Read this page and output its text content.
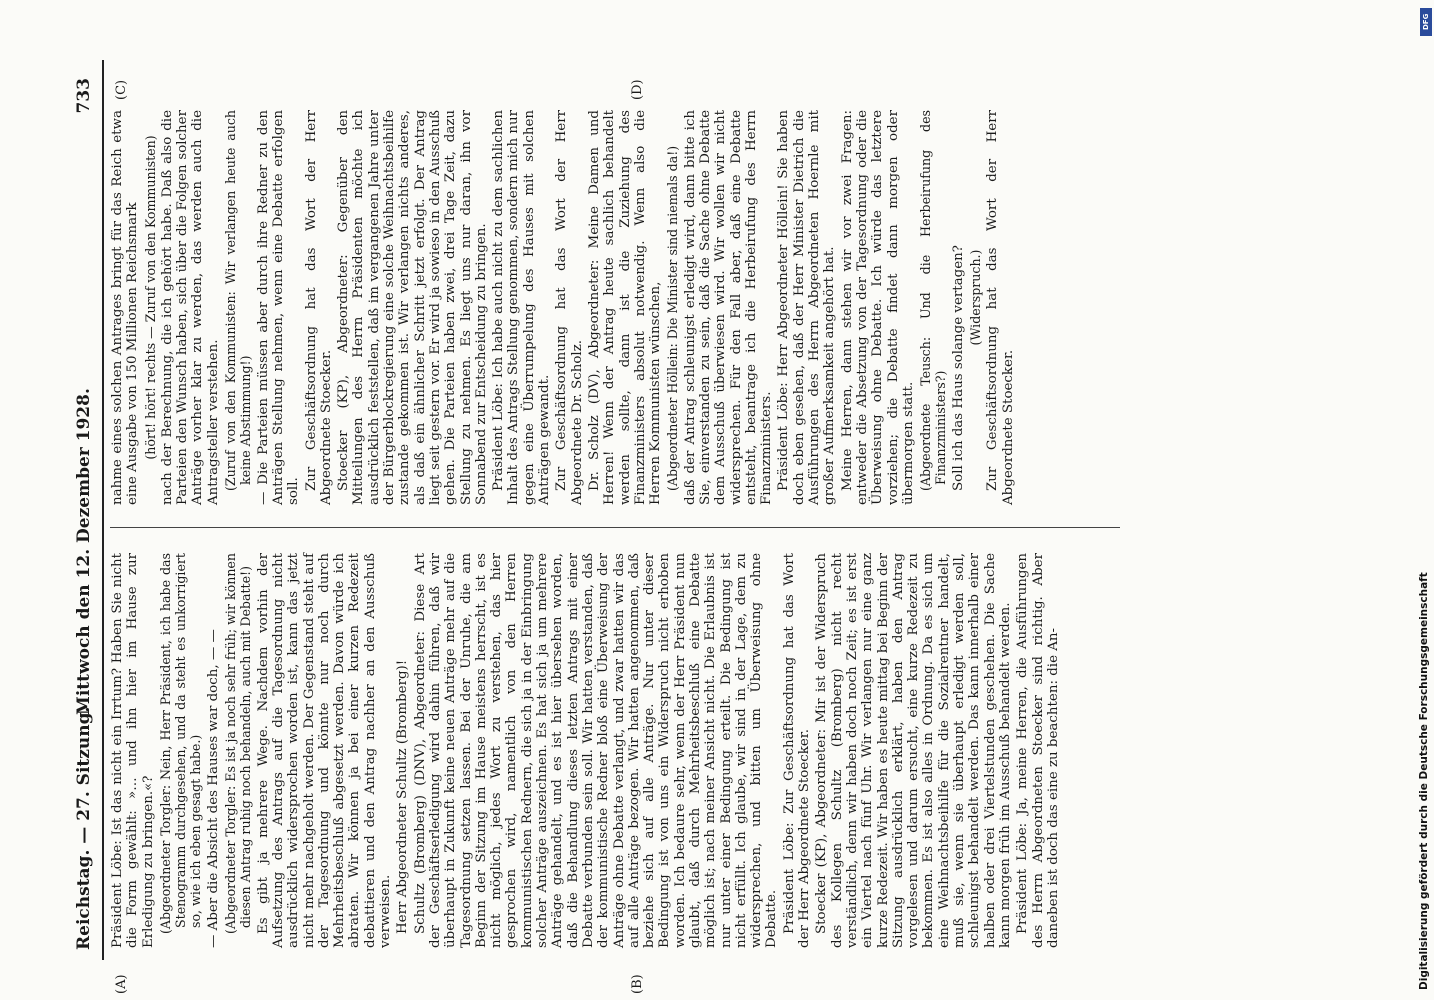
Reichstag. — 27. Sitzung.
Mittwoch den 12. Dezember 1928.
733
(A)	(B)
(C)	(D)

Präsident Löbe: Ist das nicht ein Irrtum? Haben Sie nicht die Form gewählt: »… und ihn hier im Hause zur Erledigung zu bringen.«? (Abgeordneter Torgler: Nein, Herr Präsident, ich habe das Stenogramm durchgesehen, und da steht es unkorrigiert so, wie ich eben gesagt habe.) — Aber die Absicht des Hauses war doch, — — (Abgeordneter Torgler: Es ist ja noch sehr früh; wir können diesen Antrag ruhig noch behandeln, auch mit Debatte!) Es gibt ja mehrere Wege. Nachdem vorhin der Aufsetzung des Antrags auf die Tagesordnung nicht ausdrücklich widersprochen worden ist, kann das jetzt nicht mehr nachgeholt werden. Der Gegenstand steht auf der Tagesordnung und könnte nur noch durch Mehrheitsbeschluß abgesetzt werden. Davon würde ich abraten. Wir können ja bei einer kurzen Redezeit debattieren und den Antrag nachher an den Ausschuß verweisen. Herr Abgeordneter Schultz (Bromberg)! Schultz (Bromberg) (DNV), Abgeordneter: Diese Art der Geschäftserledigung wird dahin führen, daß wir überhaupt in Zukunft keine neuen Anträge mehr auf die Tagesordnung setzen lassen. Bei der Unruhe, die am Beginn der Sitzung im Hause meistens herrscht, ist es nicht möglich, jedes Wort zu verstehen, das hier gesprochen wird, namentlich von den Herren kommunistischen Rednern, die sich ja in der Einbringung solcher Anträge auszeichnen. Es hat sich ja um mehrere Anträge gehandelt, und es ist hier übersehen worden, daß die Behandlung dieses letzten Antrags mit einer Debatte verbunden sein soll. Wir hatten verstanden, daß der kommunistische Redner bloß eine Überweisung der Anträge ohne Debatte verlangt, und zwar hatten wir das auf alle Anträge bezogen. Wir hatten angenommen, daß beziehe sich auf alle Anträge. Nur unter dieser Bedingung ist von uns ein Widerspruch nicht erhoben worden. Ich bedaure sehr, wenn der Herr Präsident nun glaubt, daß durch Mehrheitsbeschluß eine Debatte möglich ist; nach meiner Ansicht nicht. Die Erlaubnis ist nur unter einer Bedingung erteilt. Die Bedingung ist nicht erfüllt. Ich glaube, wir sind in der Lage, dem zu widersprechen, und bitten um Überweisung ohne Debatte. Präsident Löbe: Zur Geschäftsordnung hat das Wort der Herr Abgeordnete Stoecker. Stoecker (KP), Abgeordneter: Mir ist der Widerspruch des Kollegen Schultz (Bromberg) nicht recht verständlich, denn wir haben doch noch Zeit; es ist erst ein Viertel nach fünf Uhr. Wir verlangen nur eine ganz kurze Redezeit. Wir haben es heute mittag bei Beginn der Sitzung ausdrücklich erklärt, haben den Antrag vorgelesen und darum ersucht, eine kurze Redezeit zu bekommen. Es ist also alles in Ordnung. Da es sich um eine Weihnachtsbeihilfe für die Sozialrentner handelt, muß sie, wenn sie überhaupt erledigt werden soll, schleunigst behandelt werden. Das kann innerhalb einer halben oder drei Viertelstunden geschehen. Die Sache kann morgen früh im Ausschuß behandelt werden. Präsident Löbe: Ja, meine Herren, die Ausführungen des Herrn Abgeordneten Stoecker sind richtig. Aber daneben ist doch das eine zu beachten: die An-

nahme eines solchen Antrages bringt für das Reich etwa eine Ausgabe von 150 Millionen Reichsmark (hört! hört! rechts — Zuruf von den Kommunisten) nach der Berechnung, die ich gehört habe. Daß also die Parteien den Wunsch haben, sich über die Folgen solcher Anträge vorher klar zu werden, das werden auch die Antragsteller verstehen. (Zuruf von den Kommunisten: Wir verlangen heute auch keine Abstimmung!) — Die Parteien müssen aber durch ihre Redner zu den Anträgen Stellung nehmen, wenn eine Debatte erfolgen soll.

Zur Geschäftsordnung hat das Wort der Herr Abgeordnete Stoecker. Stoecker (KP), Abgeordneter: Gegenüber den Mitteilungen des Herrn Präsidenten möchte ich ausdrücklich feststellen, daß im vergangenen Jahre unter der Bürgerblockregierung eine solche Weihnachtsbeihilfe zustande gekommen ist. Wir verlangen nichts anderes, als daß ein ähnlicher Schritt jetzt erfolgt. Der Antrag liegt seit gestern vor. Er wird ja sowieso in den Ausschuß gehen. Die Parteien haben zwei, drei Tage Zeit, dazu Stellung zu nehmen. Es liegt uns nur daran, ihn vor Sonnabend zur Entscheidung zu bringen. Präsident Löbe: Ich habe auch nicht zu dem sachlichen Inhalt des Antrags Stellung genommen, sondern mich nur gegen eine Überrumpelung des Hauses mit solchen Anträgen gewandt. Zur Geschäftsordnung hat das Wort der Herr Abgeordnete Dr. Scholz. Dr. Scholz (DV), Abgeordneter: Meine Damen und Herren! Wenn der Antrag heute sachlich behandelt werden sollte, dann ist die Zuziehung des Finanzministers absolut notwendig. Wenn also die Herren Kommunisten wünschen, (Abgeordneter Höllein: Die Minister sind niemals da!) daß der Antrag schleunigst erledigt wird, dann bitte ich Sie, einverstanden zu sein, daß die Sache ohne Debatte dem Ausschuß überwiesen wird. Wir wollen wir nicht widersprechen. Für den Fall aber, daß eine Debatte entsteht, beantrage ich die Herbeirufung des Herrn Finanzministers. Präsident Löbe: Herr Abgeordneter Höllein! Sie haben doch eben gesehen, daß der Herr Minister Dietrich die Ausführungen des Herrn Abgeordneten Hoernle mit großer Aufmerksamkeit angehört hat. Meine Herren, dann stehen wir vor zwei Fragen: entweder die Absetzung von der Tagesordnung oder die Überweisung ohne Debatte. Ich würde das letztere vorziehen; die Debatte findet dann morgen oder übermorgen statt. (Abgeordnete Teusch: Und die Herbeirufung des Finanzministers?) Soll ich das Haus solange vertagen? (Widerspruch.) Zur Geschäftsordnung hat das Wort der Herr Abgeordnete Stoecker.

DFG
Digitalisierung gefördert durch die Deutsche Forschungsgemeinschaft
